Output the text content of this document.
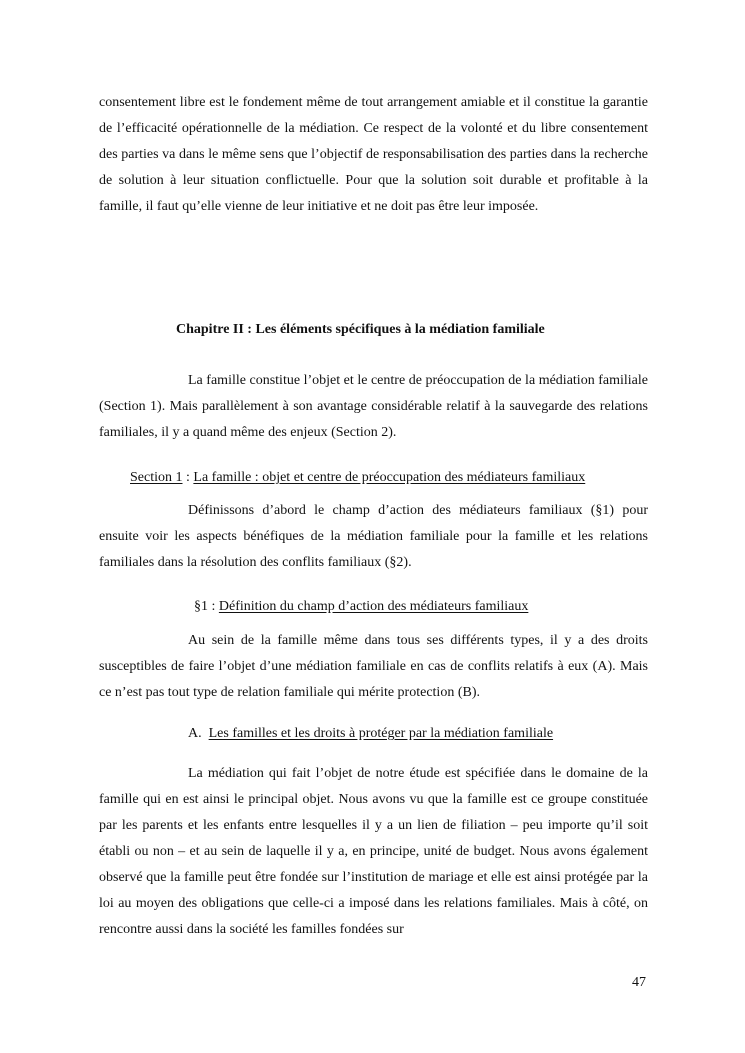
consentement libre est le fondement même de tout arrangement amiable et il constitue la garantie de l’efficacité opérationnelle de la médiation. Ce respect de la volonté et du libre consentement des parties va dans le même sens que l’objectif de responsabilisation des parties dans la recherche de solution à leur situation conflictuelle. Pour que la solution soit durable et profitable à la famille, il faut qu’elle vienne de leur initiative et ne doit pas être leur imposée.

Chapitre II : Les éléments spécifiques à la médiation familiale

La famille constitue l’objet et le centre de préoccupation de la médiation familiale (Section 1). Mais parallèlement à son avantage considérable relatif à la sauvegarde des relations familiales, il y a quand même des enjeux (Section 2).

Section 1 : La famille : objet et centre de préoccupation des médiateurs familiaux

Définissons d’abord le champ d’action des médiateurs familiaux (§1) pour ensuite voir les aspects bénéfiques de la médiation familiale pour la famille et les relations familiales dans la résolution des conflits familiaux (§2).

§1 : Définition du champ d’action des médiateurs familiaux

Au sein de la famille même dans tous ses différents types, il y a des droits susceptibles de faire l’objet d’une médiation familiale en cas de conflits relatifs à eux (A). Mais ce n’est pas tout type de relation familiale qui mérite protection (B).

A. Les familles et les droits à protéger par la médiation familiale

La médiation qui fait l’objet de notre étude est spécifiée dans le domaine de la famille qui en est ainsi le principal objet. Nous avons vu que la famille est ce groupe constituée par les parents et les enfants entre lesquelles il y a un lien de filiation – peu importe qu’il soit établi ou non – et au sein de laquelle il y a, en principe, unité de budget. Nous avons également observé que la famille peut être fondée sur l’institution de mariage et elle est ainsi protégée par la loi au moyen des obligations que celle-ci a imposé dans les relations familiales. Mais à côté, on rencontre aussi dans la société les familles fondées sur

47
